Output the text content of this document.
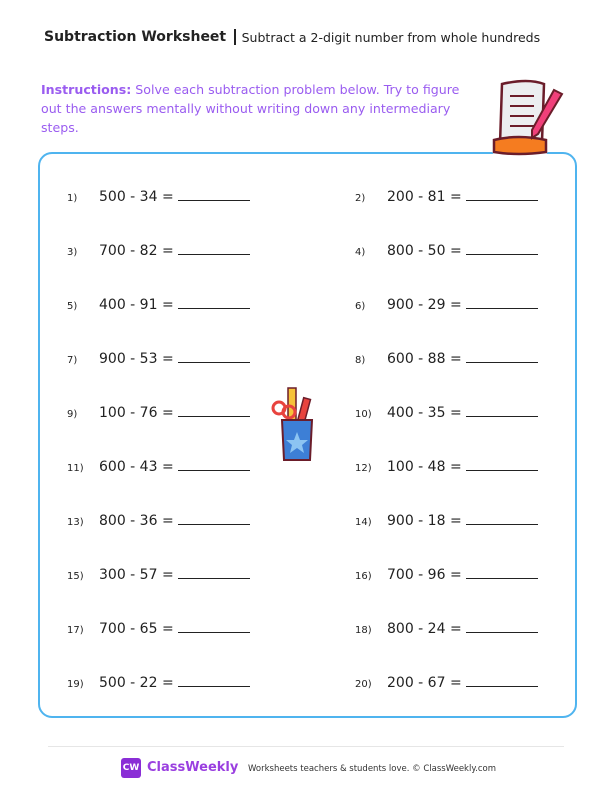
Subtraction Worksheet Subtract a 2-digit number from whole hundreds
Instructions: Solve each subtraction problem below. Try to figure out the answers mentally without writing down any intermediary steps.
1)	500 - 34 =	2)	200 - 81 =
3)	700 - 82 =	4)	800 - 50 =
5)	400 - 91 =	6)	900 - 29 =
7)	900 - 53 =	8)	600 - 88 =
9)	100 - 76 =	10)	400 - 35 =
11)	600 - 43 =	12)	100 - 48 =
13)	800 - 36 =	14)	900 - 18 =
15)	300 - 57 =	16)	700 - 96 =
17)	700 - 65 =	18)	800 - 24 =
19)	500 - 22 =	20)	200 - 67 =
CW ClassWeekly Worksheets teachers & students love. © ClassWeekly.com
